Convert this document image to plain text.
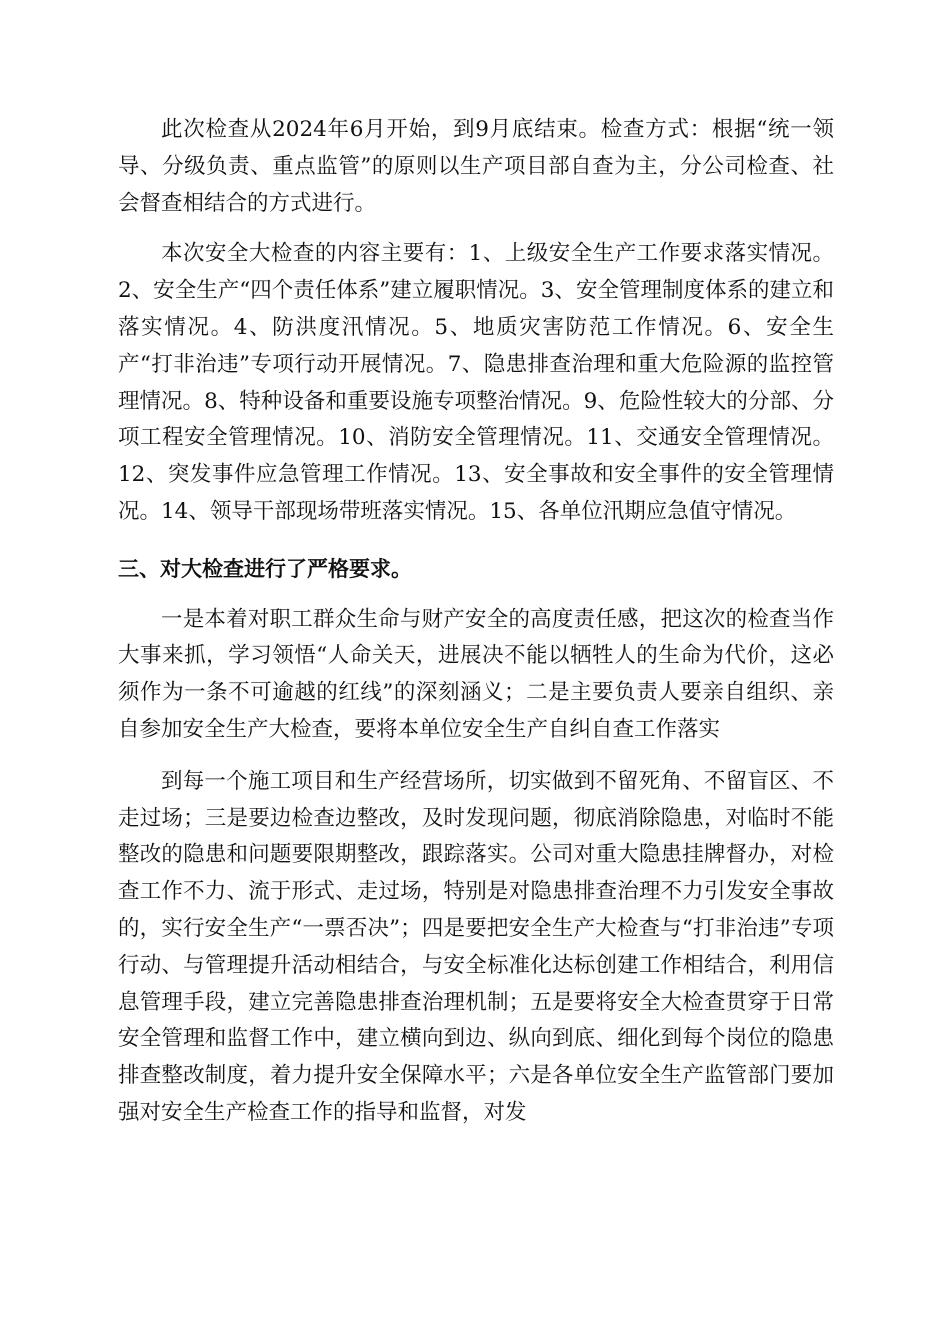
此次检查从2024年6月开始，到9月底结束。检查方式：根据“统一领导、分级负责、重点监管”的原则以生产项目部自查为主，分公司检查、社会督查相结合的方式进行。

本次安全大检查的内容主要有：1、上级安全生产工作要求落实情况。2、安全生产“四个责任体系”建立履职情况。3、安全管理制度体系的建立和落实情况。4、防洪度汛情况。5、地质灾害防范工作情况。6、安全生产“打非治违”专项行动开展情况。7、隐患排查治理和重大危险源的监控管理情况。8、特种设备和重要设施专项整治情况。9、危险性较大的分部、分项工程安全管理情况。10、消防安全管理情况。11、交通安全管理情况。12、突发事件应急管理工作情况。13、安全事故和安全事件的安全管理情况。14、领导干部现场带班落实情况。15、各单位汛期应急值守情况。

三、对大检查进行了严格要求。

一是本着对职工群众生命与财产安全的高度责任感，把这次的检查当作大事来抓，学习领悟“人命关天，进展决不能以牺牲人的生命为代价，这必须作为一条不可逾越的红线”的深刻涵义；二是主要负责人要亲自组织、亲自参加安全生产大检查，要将本单位安全生产自纠自查工作落实

到每一个施工项目和生产经营场所，切实做到不留死角、不留盲区、不走过场；三是要边检查边整改，及时发现问题，彻底消除隐患，对临时不能整改的隐患和问题要限期整改，跟踪落实。公司对重大隐患挂牌督办，对检查工作不力、流于形式、走过场，特别是对隐患排查治理不力引发安全事故的，实行安全生产“一票否决”；四是要把安全生产大检查与“打非治违”专项行动、与管理提升活动相结合，与安全标准化达标创建工作相结合，利用信息管理手段，建立完善隐患排查治理机制；五是要将安全大检查贯穿于日常安全管理和监督工作中，建立横向到边、纵向到底、细化到每个岗位的隐患排查整改制度，着力提升安全保障水平；六是各单位安全生产监管部门要加强对安全生产检查工作的指导和监督，对发
